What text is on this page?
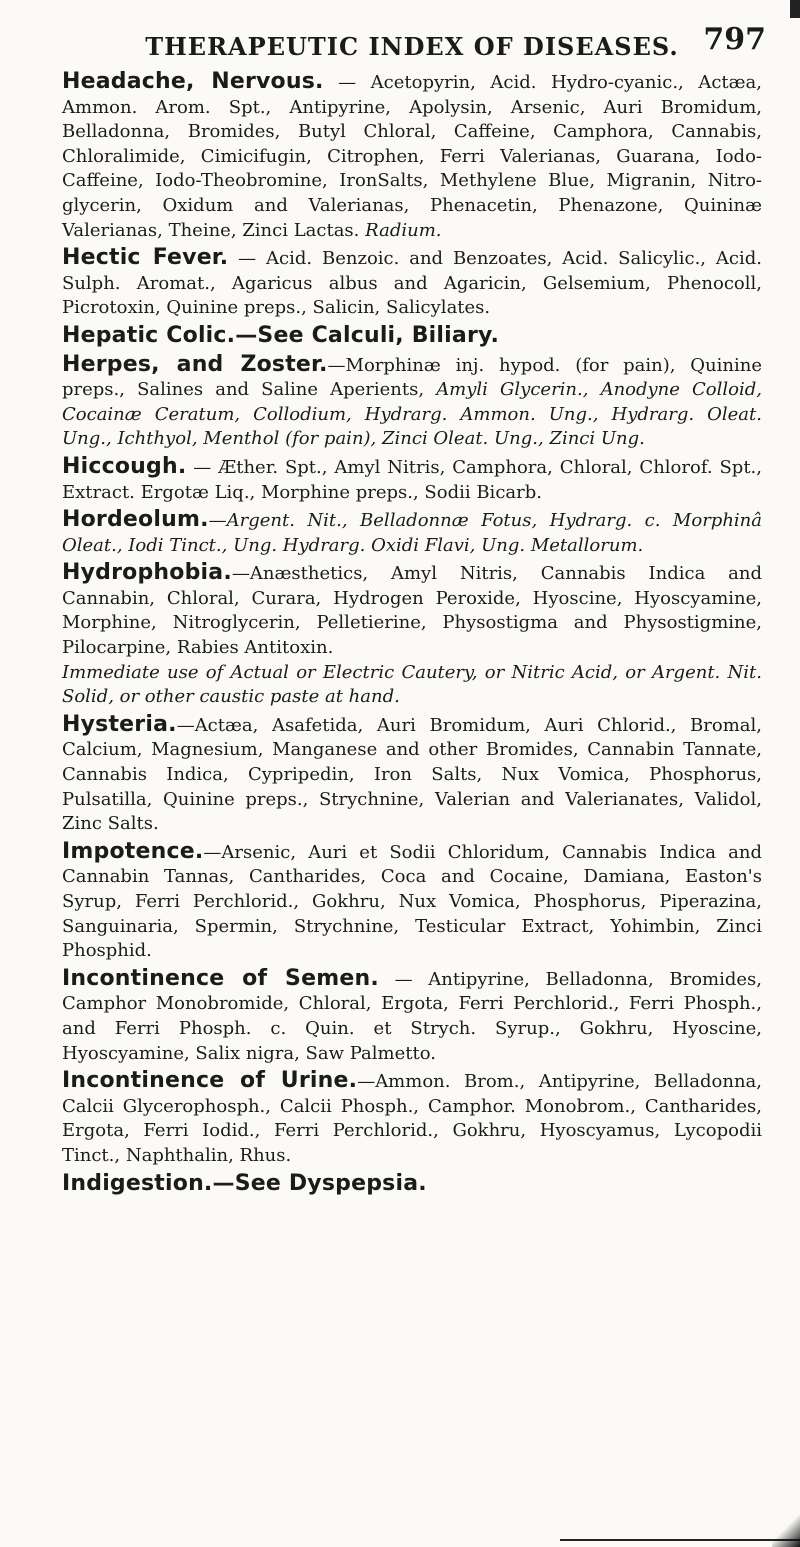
THERAPEUTIC INDEX OF DISEASES. 797

Headache, Nervous. — Acetopyrin, Acid. Hydro-cyanic., Actæa, Ammon. Arom. Spt., Antipyrine, Apolysin, Arsenic, Auri Bromidum, Belladonna, Bromides, Butyl Chloral, Caffeine, Camphora, Cannabis, Chloralimide, Cimicifugin, Citrophen, Ferri Valerianas, Guarana, Iodo-Caffeine, Iodo-Theobromine, IronSalts, Methylene Blue, Migranin, Nitro-glycerin, Oxidum and Valerianas, Phenacetin, Phenazone, Quininæ Valerianas, Theine, Zinci Lactas. Radium.

Hectic Fever. — Acid. Benzoic. and Benzoates, Acid. Salicylic., Acid. Sulph. Aromat., Agaricus albus and Agaricin, Gelsemium, Phenocoll, Picrotoxin, Quinine preps., Salicin, Salicylates.

Hepatic Colic.—See Calculi, Biliary.

Herpes, and Zoster.—Morphinæ inj. hypod. (for pain), Quinine preps., Salines and Saline Aperients, Amyli Glycerin., Anodyne Colloid, Cocainæ Ceratum, Collodium, Hydrarg. Ammon. Ung., Hydrarg. Oleat. Ung., Ichthyol, Menthol (for pain), Zinci Oleat. Ung., Zinci Ung.

Hiccough. — Æther. Spt., Amyl Nitris, Camphora, Chloral, Chlorof. Spt., Extract. Ergotæ Liq., Morphine preps., Sodii Bicarb.

Hordeolum.—Argent. Nit., Belladonnæ Fotus, Hydrarg. c. Morphinâ Oleat., Iodi Tinct., Ung. Hydrarg. Oxidi Flavi, Ung. Metallorum.

Hydrophobia.—Anæsthetics, Amyl Nitris, Cannabis Indica and Cannabin, Chloral, Curara, Hydrogen Peroxide, Hyoscine, Hyoscyamine, Morphine, Nitroglycerin, Pelletierine, Physostigma and Physostigmine, Pilocarpine, Rabies Antitoxin.
Immediate use of Actual or Electric Cautery, or Nitric Acid, or Argent. Nit. Solid, or other caustic paste at hand.

Hysteria.—Actæa, Asafetida, Auri Bromidum, Auri Chlorid., Bromal, Calcium, Magnesium, Manganese and other Bromides, Cannabin Tannate, Cannabis Indica, Cypripedin, Iron Salts, Nux Vomica, Phosphorus, Pulsatilla, Quinine preps., Strychnine, Valerian and Valerianates, Validol, Zinc Salts.

Impotence.—Arsenic, Auri et Sodii Chloridum, Cannabis Indica and Cannabin Tannas, Cantharides, Coca and Cocaine, Damiana, Easton's Syrup, Ferri Perchlorid., Gokhru, Nux Vomica, Phosphorus, Piperazina, Sanguinaria, Spermin, Strychnine, Testicular Extract, Yohimbin, Zinci Phosphid.

Incontinence of Semen. — Antipyrine, Belladonna, Bromides, Camphor Monobromide, Chloral, Ergota, Ferri Perchlorid., Ferri Phosph., and Ferri Phosph. c. Quin. et Strych. Syrup., Gokhru, Hyoscine, Hyoscyamine, Salix nigra, Saw Palmetto.

Incontinence of Urine.—Ammon. Brom., Antipyrine, Belladonna, Calcii Glycerophosph., Calcii Phosph., Camphor. Monobrom., Cantharides, Ergota, Ferri Iodid., Ferri Perchlorid., Gokhru, Hyoscyamus, Lycopodii Tinct., Naphthalin, Rhus.

Indigestion.—See Dyspepsia.
